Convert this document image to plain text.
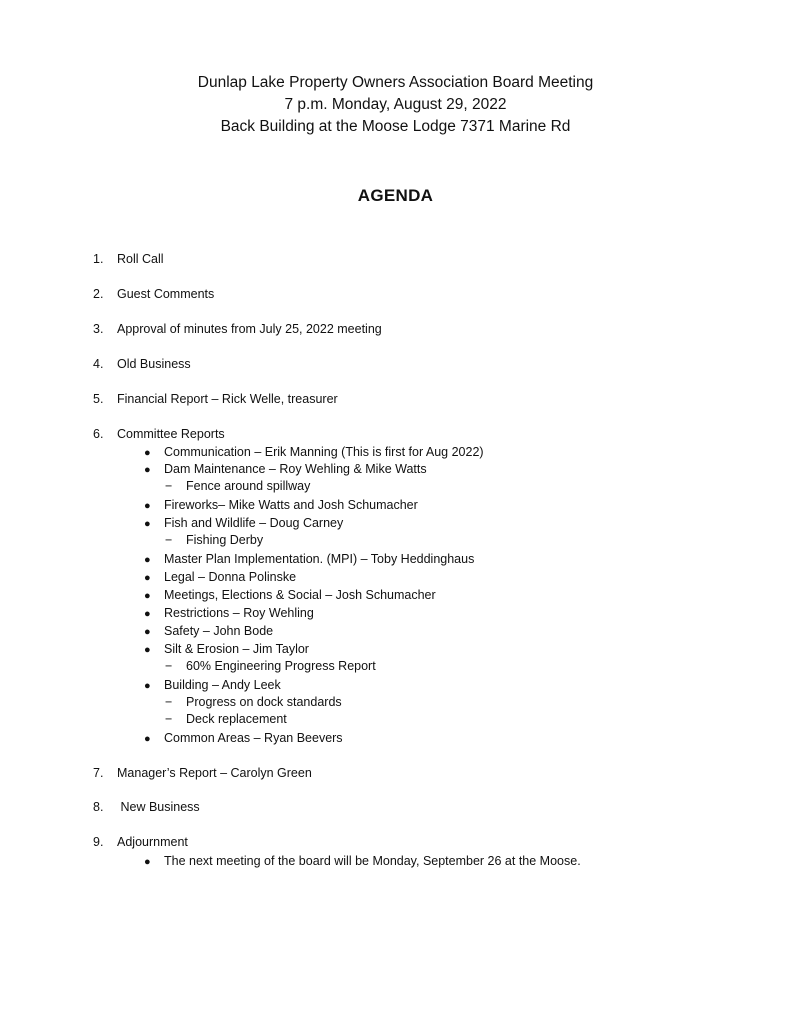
Dunlap Lake Property Owners Association Board Meeting
7 p.m. Monday, August 29, 2022
Back Building at the Moose Lodge 7371 Marine Rd
AGENDA
1. Roll Call
2. Guest Comments
3. Approval of minutes from July 25, 2022 meeting
4. Old Business
5. Financial Report – Rick Welle, treasurer
6. Committee Reports
● Communication – Erik Manning (This is first for Aug 2022)
● Dam Maintenance – Roy Wehling & Mike Watts
− Fence around spillway
● Fireworks– Mike Watts and Josh Schumacher
● Fish and Wildlife – Doug Carney
− Fishing Derby
● Master Plan Implementation. (MPI) – Toby Heddinghaus
● Legal – Donna Polinske
● Meetings, Elections & Social – Josh Schumacher
● Restrictions – Roy Wehling
● Safety – John Bode
● Silt & Erosion – Jim Taylor
− 60% Engineering Progress Report
● Building – Andy Leek
− Progress on dock standards
− Deck replacement
● Common Areas – Ryan Beevers
7. Manager’s Report – Carolyn Green
8. New Business
9. Adjournment
● The next meeting of the board will be Monday, September 26 at the Moose.
